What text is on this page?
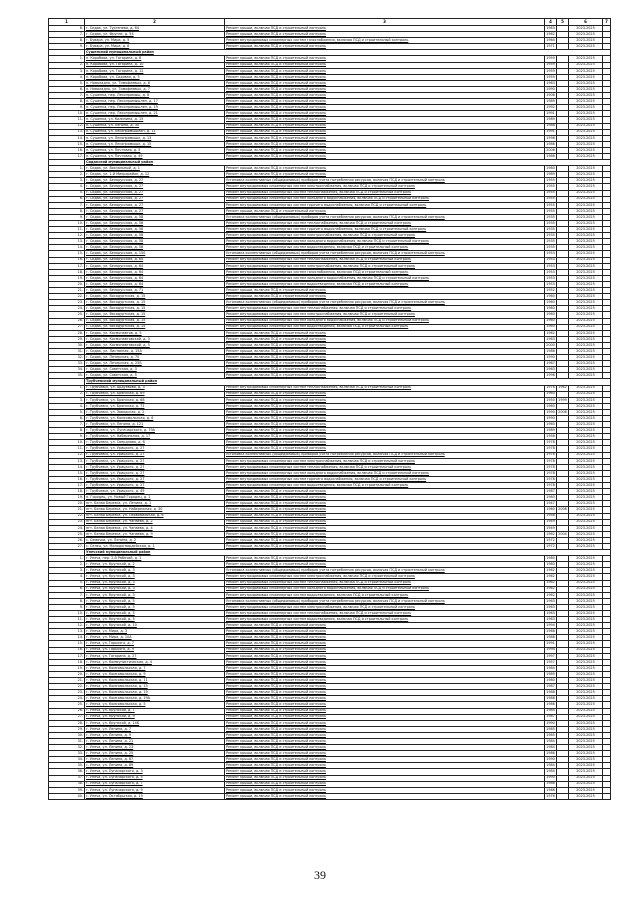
1	2	3	4	5	6	7
6.	г. Сидак, ул. Тургенева, д. 64	Ремонт крыши, включая ПСД и строительный контроль	1963		2023-2025	
7.	г. Сидак, ул. Фрунзе, д. 54	Ремонт крыши, включая ПСД и строительный контроль	1962		2023-2025	
8.	г. Бувара, ул. Мира, д. 5	Ремонт внутридомовых инженерных систем газоснабжения, включая ПСД и строительный контроль	1964		2023-2025	
9.	г. Бувара, ул. Мира, д. 6	Ремонт крыши, включая ПСД и строительный контроль	1971		2023-2025	
	Сушенский муниципальный район					
1.	п. Коробова, ул. Гагарина, д. 8	Ремонт крыши, включая ПСД и строительный контроль	1959		2023-2025	
2.	п. Коробова, ул. Гагарина, д. 10	Ремонт крыши, включая ПСД и строительный контроль	1959		2023-2025	
3.	п. Коробова, ул. Гагарина, д. 12	Ремонт крыши, включая ПСД и строительный контроль	1959		2023-2025	
4.	п. Коробова, ул. Садовая, д. 5	Ремонт крыши, включая ПСД и строительный контроль	1959		2023-2025	
5.	п. Новоладно, ул. Тимофеевых, д. 8	Ремонт крыши, включая ПСД и строительный контроль	1963		2023-2025	
6.	п. Новоладно, ул. Тимофеевых, д. 7	Ремонт крыши, включая ПСД и строительный контроль	1990		2023-2025	
7.	п. Сушенка, пер. Лесопромыш, д. 8	Ремонт крыши, включая ПСД и строительный контроль	1906		2023-2025	
8.	п. Сушенка, пер. Лесопромышлен, д. 17	Ремонт крыши, включая ПСД и строительный контроль	1989		2023-2025	
9.	п. Сушенка, пер. Лесопромышлен, д. 19	Ремонт крыши, включая ПСД и строительный контроль	1992		2023-2025	
10.	п. Сушенка, пер. Лесопромышлен, д. 21	Ремонт крыши, включая ПСД и строительный контроль	1991		2023-2025	
11.	п. Сушенка, ул. Калинина, д. 15	Ремонт крыши, включая ПСД и строительный контроль	1989		2023-2025	
12.	п. Сушенка, ул. Ленина, д. 30	Ремонт крыши, включая ПСД и строительный контроль	1988		2023-2025	
13.	п. Сушенка, ул. Лесопромышлен, д. 11	Ремонт крыши, включая ПСД и строительный контроль	1991		2023-2025	
14.	п. Сушенка, ул. Лесопромышл, д. 13	Ремонт крыши, включая ПСД и строительный контроль	1996		2023-2025	
15.	п. Сушенка, ул. Лесопромышл, д. 15	Ремонт крыши, включая ПСД и строительный контроль	1986		2023-2025	
16.	п. Сушенка, ул. Почтовая, д. 5	Ремонт крыши, включая ПСД и строительный контроль	2006		2023-2025	
17.	п. Сушенка, ул. Почтовая, д. 49	Ремонт крыши, включая ПСД и строительный контроль	1986		2023-2025	
	Сидакский муниципальный район					
1.	г. Сидак, ул. Вокзальный, д. 1	Ремонт крыши, включая ПСД и строительный контроль	1980		2023-2025	
2.	г. Сидак, ул. 1-й Микрорайон, д. 12	Ремонт крыши, включая ПСД и строительный контроль	1989		2023-2025	
3.	г. Сидак, ул. Белорусская, д. 27	Установка коллективных (общедомовых) приборов учета потребления ресурсов, включая ПСД и строительный контроль	1955		2023-2025	
4.	г. Сидак, ул. Белорусская, д. 27	Ремонт внутридомовых инженерных систем электроснабжения, включая ПСД и строительный контроль	1955		2023-2025	
5.	г. Сидак, ул. Белорусская, д. 27	Ремонт внутридомовых инженерных систем теплоснабжения, включая ПСД и строительный контроль	1955		2023-2025	
6.	г. Сидак, ул. Белорусская, д. 27	Ремонт внутридомовых инженерных систем холодного водоснабжения, включая ПСД и строительный контроль	1955		2023-2025	
7.	г. Сидак, ул. Белорусская, д. 27	Ремонт внутридомовых инженерных систем горячего водоснабжения, включая ПСД и строительный контроль	1955		2023-2025	
8.	г. Сидак, ул. Белорусская, д. 27	Ремонт крыши, включая ПСД и строительный контроль	1955		2023-2025	
9.	г. Сидак, ул. Белорусская, д. 58	Установка коллективных (общедомовых) приборов учета потребления ресурсов, включая ПСД и строительный контроль	1935		2023-2025	
10.	г. Сидак, ул. Белорусская, д. 58	Ремонт внутридомовых инженерных систем теплоснабжения, включая ПСД и строительный контроль	1935		2023-2025	
11.	г. Сидак, ул. Белорусская, д. 58	Ремонт внутридомовых инженерных систем горячего водоснабжения, включая ПСД и строительный контроль	1935		2023-2025	
12.	г. Сидак, ул. Белорусская, д. 58	Ремонт внутридомовых инженерных систем электроснабжения, включая ПСД и строительный контроль	1935		2023-2025	
13.	г. Сидак, ул. Белорусская, д. 58	Ремонт внутридомовых инженерных систем холодного водоснабжения, включая ПСД и строительный контроль	1935		2023-2025	
14.	г. Сидак, ул. Белорусская, д. 58	Ремонт внутридомовых инженерных систем водоотведения, включая ПСД и строительный контроль	1935		2023-2025	
15.	г. Сидак, ул. Белорусская, д. 150	Установка коллективных (общедомовых) приборов учета потребления ресурсов, включая ПСД и строительный контроль	1953		2023-2025	
16.	г. Сидак, ул. Белорусская, д. 64	Ремонт внутридомовых инженерных систем теплоснабжения, включая ПСД и строительный контроль	1953		2023-2025	
17.	г. Сидак, ул. Белорусская, д. 64	Ремонт внутридомовых инженерных систем электроснабжения, включая ПСД и строительный контроль	1953		2023-2025	
18.	г. Сидак, ул. Белорусская, д. 64	Ремонт внутридомовых инженерных систем газоснабжения, включая ПСД и строительный контроль	1953		2023-2025	
19.	г. Сидак, ул. Белорусская, д. 64	Ремонт внутридомовых инженерных систем холодного водоснабжения, включая ПСД и строительный контроль	1953		2023-2025	
20.	г. Сидак, ул. Белорусская, д. 64	Ремонт внутридомовых инженерных систем водоотведения, включая ПСД и строительный контроль	1953		2023-2025	
21.	г. Сидак, ул. Белорусская, д. 71	Ремонт крыши, включая ПСД и строительный контроль	1952		2023-2025	
22.	г. Сидак, ул. Восодуртская, д. 15	Ремонт крыши, включая ПСД и строительный контроль	1960		2023-2025	
23.	г. Сидак, ул. Восодуртская, д. 15	Установка коллективных (общедомовых) приборов учета потребления ресурсов, включая ПСД и строительный контроль	1960		2023-2025	
24.	г. Сидак, ул. Восодуртская, д. 15	Ремонт внутридомовых инженерных систем теплоснабжения, включая ПСД и строительный контроль	1960		2023-2025	
25.	г. Сидак, ул. Восодуртская, д. 15	Ремонт внутридомовых инженерных систем электроснабжения, включая ПСД и строительный контроль	1960		2023-2025	
26.	г. Сидак, ул. Восодуртская, д. 15	Ремонт внутридомовых инженерных систем холодного водоснабжения, включая ПСД и строительный контроль	1960		2023-2025	
27.	г. Сидак, ул. Восодуртская, д. 15	Ремонт внутридомовых инженерных систем водоотведения, включая ПСД и строительный контроль	1960		2023-2025	
28.	г. Сидак, ул. Космонавтов, д. 5	Ремонт крыши, включая ПСД и строительный контроль	1962		2023-2025	
29.	г. Сидак, ул. Космонавтовской, д. 3	Ремонт крыши, включая ПСД и строительный контроль	1963		2023-2025	
30.	г. Сидак, ул. Космонавтовской, д. 5	Ремонт крыши, включая ПСД и строительный контроль	2000		2023-2025	
31.	г. Сидак, ул. Лиственая, д. 15А	Ремонт крыши, включая ПСД и строительный контроль	1986		2023-2025	
32.	г. Сидак, ул. Печерская, д. 70	Ремонт крыши, включая ПСД и строительный контроль	1990		2023-2025	
33.	г. Сидак, ул. Печерская, д. 25Б	Ремонт крыши, включая ПСД и строительный контроль	1967		2023-2025	
34.	г. Сидак, ул. Советская, д. 3	Ремонт крыши, включая ПСД и строительный контроль	1963		2023-2025	
35.	г. Сидак, ул. Советская, д. 5	Ремонт крыши, включая ПСД и строительный контроль	1996		2023-2025	
	Трубчевский муниципальный район					
1.	г. Трубчевск, ул. Ардуевова, д. 3	Ремонт внутридомовых инженерных систем теплоснабжения, включая ПСД и строительный контроль	1976	1962	2023-2025	
2.	г. Трубчевск, ул. Брянская, д. 69	Ремонт крыши, включая ПСД и строительный контроль	1960		2023-2025	
3.	г. Трубчевск, ул. Брянская, д. 68	Ремонт крыши, включая ПСД и строительный контроль	1950	1999	2023-2025	
4.	г. Трубчевск, ул. Брянская, д. 71	Ремонт крыши, включая ПСД и строительный контроль	1960		2023-2025	
5.	г. Трубчевск, ул. Заводская, д. 2	Ремонт крыши, включая ПСД и строительный контроль	1990	2006	2023-2025	
6.	г. Трубчевск, ул. Комсомольская, д. 6	Ремонт крыши, включая ПСД и строительный контроль	1990		2023-2025	
7.	г. Трубчевск, ул. Ленина, д. 121	Ремонт крыши, включая ПСД и строительный контроль	1960		2023-2025	
8.	г. Трубчевск, ул. Луначарского, д. 79А	Ремонт крыши, включая ПСД и строительный контроль	1989		2023-2025	
9.	г. Трубчевск, ул. Набережная, д. 17	Ремонт крыши, включая ПСД и строительный контроль	1958		2023-2025	
10.	г. Трубчевск, ул. Свердлова, д. 6	Ремонт крыши, включая ПСД и строительный контроль	1978		2023-2025	
11.	г. Трубчевск, ул. Урицкого, д. 27	Ремонт крыши, включая ПСД и строительный контроль	1978		2023-2025	
12.	г. Трубчевск, ул. Урицкого, д. 27	Установка коллективных (общедомовых) приборов учета потребления ресурсов, включая ПСД и строительный контроль	1978		2023-2025	
13.	г. Трубчевск, ул. Урицкого, д. 27	Ремонт внутридомовых инженерных систем электроснабжения, включая ПСД и строительный контроль	1978		2023-2025	
14.	г. Трубчевск, ул. Урицкого, д. 27	Ремонт внутридомовых инженерных систем теплоснабжения, включая ПСД и строительный контроль	1978		2023-2025	
15.	г. Трубчевск, ул. Урицкого, д. 27	Ремонт внутридомовых инженерных систем холодного водоснабжения, включая ПСД и строительный контроль	1978		2023-2025	
16.	г. Трубчевск, ул. Урицкого, д. 27	Ремонт внутридомовых инженерных систем горячего водоснабжения, включая ПСД и строительный контроль	1978		2023-2025	
17.	г. Трубчевск, ул. Урицкого, д. 27	Ремонт внутридомовых инженерных систем водоотведения, включая ПСД и строительный контроль	1978		2023-2025	
18.	г. Трубчевск, ул. Урицкого, д. 49	Ремонт крыши, включая ПСД и строительный контроль	1987		2023-2025	
19.	п. Городец, ул. Новый Городец, д. 1	Ремонт крыши, включая ПСД и строительный контроль	1960		2023-2025	
20.	пгт. Белая Березка, ул. Ленина, д. 1	Ремонт крыши, включая ПСД и строительный контроль	1947		2023-2025	
21.	пгт. Белая Березка, ул. Набережная, д. 30	Ремонт крыши, включая ПСД и строительный контроль	1960	2006	2023-2025	
22.	пгт. Белая Березка, ул. Первомайская, д. 6	Ремонт крыши, включая ПСД и строительный контроль	1956		2023-2025	
23.	пгт. Белая Березка, ул. Чапаева, д. 2	Ремонт крыши, включая ПСД и строительный контроль	1949		2023-2025	
24.	пгт. Белая Березка, ул. Чапаева, д. 4	Ремонт крыши, включая ПСД и строительный контроль	1949		2023-2025	
25.	пгт. Белая Березка, ул. Чапаева, д. 9	Ремонт крыши, включая ПСД и строительный контроль	1962	2004	2023-2025	
26.	с. Семячки, ул. Ленина, д. 2	Ремонт крыши, включая ПСД и строительный контроль	1972		2023-2025	
27.	с. Селец, ул. Молодогвардейская, д. 1	Ремонт крыши, включая ПСД и строительный контроль	1972		2023-2025	
	Унечский муниципальный район					
1.	г. Унеча, пер. 2-й Рабочий, д. 1	Ремонт крыши, включая ПСД и строительный контроль	1980		2023-2025	
2.	г. Унеча, ул. Крупской, д. 2	Ремонт крыши, включая ПСД и строительный контроль	1960		2023-2025	
3.	г. Унеча, ул. Крупской, д. 3	Установка коллективных (общедомовых) приборов учета потребления ресурсов, включая ПСД и строительный контроль	1962		2023-2025	
4.	г. Унеча, ул. Крупской, д. 3	Ремонт внутридомовых инженерных систем электроснабжения, включая ПСД и строительный контроль	1962		2023-2025	
5.	г. Унеча, ул. Крупской, д. 3	Ремонт внутридомовых инженерных систем теплоснабжения, включая ПСД и строительный контроль	1962		2023-2025	
6.	г. Унеча, ул. Крупской, д. 3	Ремонт внутридомовых инженерных систем холодного водоснабжения, включая ПСД и строительный контроль	1962		2023-2025	
7.	г. Унеча, ул. Крупской, д. 3	Ремонт внутридомовых инженерных систем водоотведения, включая ПСД и строительный контроль	1962		2023-2025	
8.	г. Унеча, ул. Крупской, д. 5	Установка коллективных (общедомовых) приборов учета потребления ресурсов, включая ПСД и строительный контроль	1963		2023-2025	
9.	г. Унеча, ул. Крупской, д. 5	Ремонт внутридомовых инженерных систем электроснабжения, включая ПСД и строительный контроль	1963		2023-2025	
10.	г. Унеча, ул. Крупской, д. 5	Ремонт внутридомовых инженерных систем теплоснабжения, включая ПСД и строительный контроль	1963		2023-2025	
11.	г. Унеча, ул. Крупской, д. 5	Ремонт внутридомовых инженерных систем водоотведения, включая ПСД и строительный контроль	1963		2023-2025	
12.	г. Унеча, ул. Крупской, д. 10	Ремонт крыши, включая ПСД и строительный контроль	1994		2023-2025	
13.	г. Унеча, ул. Мира, д. 3	Ремонт крыши, включая ПСД и строительный контроль	1968		2023-2025	
14.	г. Унеча, ул. Мира, д. 10А	Ремонт крыши, включая ПСД и строительный контроль	1988		2023-2025	
15.	г. Унеча, ул. Горького, д. 7	Ремонт крыши, включая ПСД и строительный контроль	1991		2023-2025	
16.	г. Унеча, ул. Горького, д. 9	Ремонт крыши, включая ПСД и строительный контроль	1994		2023-2025	
17.	г. Унеча, ул. Гагарина, д. 27	Ремонт крыши, включая ПСД и строительный контроль	1997		2023-2025	
18.	г. Унеча, ул. Коммунистическая, д. 4	Ремонт крыши, включая ПСД и строительный контроль	1957		2023-2025	
19.	г. Унеча, ул. Комсомольская, д. 7	Ремонт крыши, включая ПСД и строительный контроль	1984		2023-2025	
20.	г. Унеча, ул. Комсомольская, д. 9	Ремонт крыши, включая ПСД и строительный контроль	1989		2023-2025	
21.	г. Унеча, ул. Комсомольская, д. 11	Ремонт крыши, включая ПСД и строительный контроль	1980		2023-2025	
22.	г. Унеча, ул. Комсомольская, д. 13	Ремонт крыши, включая ПСД и строительный контроль	1987		2023-2025	
23.	г. Унеча, ул. Комсомольская, д. 19	Ремонт крыши, включая ПСД и строительный контроль	1988		2023-2025	
24.	г. Унеча, ул. Комсомольская, д. 19А	Ремонт крыши, включая ПСД и строительный контроль	1988		2023-2025	
25.	г. Унеча, ул. Комсомольская, д. 5	Ремонт крыши, включая ПСД и строительный контроль	1986		2023-2025	
26.	г. Унеча, ул. Крупской, д. 7	Ремонт крыши, включая ПСД и строительный контроль	1984		2023-2025	
27.	г. Унеча, ул. Крупской, д. 9	Ремонт крыши, включая ПСД и строительный контроль	1987		2023-2025	
28.	г. Унеча, ул. Крупской, д. 14Б	Ремонт крыши, включая ПСД и строительный контроль	1990		2023-2025	
29.	г. Унеча, ул. Ленина, д. 7	Ремонт крыши, включая ПСД и строительный контроль	1985		2023-2025	
30.	г. Унеча, ул. Ленина, д. 9	Ремонт крыши, включая ПСД и строительный контроль	1985		2023-2025	
31.	г. Унеча, ул. Ленина, д. 21	Ремонт крыши, включая ПСД и строительный контроль	1984		2023-2025	
32.	г. Унеча, ул. Ленина, д. 23	Ремонт крыши, включая ПСД и строительный контроль	1984		2023-2025	
33.	г. Унеча, ул. Ленина, д. 25	Ремонт крыши, включая ПСД и строительный контроль	1986		2023-2025	
34.	г. Унеча, ул. Ленина, д. 87	Ремонт крыши, включая ПСД и строительный контроль	1990		2023-2025	
35.	г. Унеча, ул. Ленина, д. 89	Ремонт крыши, включая ПСД и строительный контроль	1984		2023-2025	
36.	г. Унеча, ул. Луначарского, д. 3	Ремонт крыши, включая ПСД и строительный контроль	1984		2023-2025	
37.	г. Унеча, ул. Луначарского, д. 5	Ремонт крыши, включая ПСД и строительный контроль	1990		2023-2025	
38.	г. Унеча, ул. Луначарского, д. 7	Ремонт крыши, включая ПСД и строительный контроль	1986		2023-2025	
39.	г. Унеча, ул. Луначарского, д. 9	Ремонт крыши, включая ПСД и строительный контроль	1986		2023-2025	
40.	г. Унеча, ул. Октябрьская, д. 15	Ремонт крыши, включая ПСД и строительный контроль	1976		2023-2025	
39
